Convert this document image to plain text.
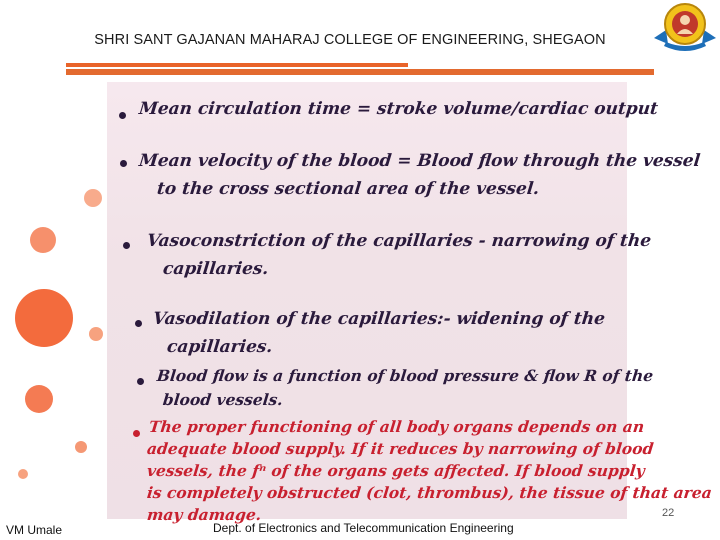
SHRI SANT GAJANAN MAHARAJ COLLEGE OF ENGINEERING, SHEGAON
Mean circulation time = stroke volume/cardiac output
Mean velocity of the blood = Blood flow through the vessel
to the cross sectional area of the vessel.
Vasoconstriction of the capillaries - narrowing of the
capillaries.
Vasodilation of the capillaries:- widening of the
capillaries.
Blood flow is a function of blood pressure & flow R of the
blood vessels.
The proper functioning of all body organs depends on an
adequate blood supply. If it reduces by narrowing of blood
vessels, the fⁿ of the organs gets affected. If blood supply
is completely obstructed (clot, thrombus), the tissue of that area
may damage.	22
VM Umale	Dept. of Electronics and Telecommunication Engineering
